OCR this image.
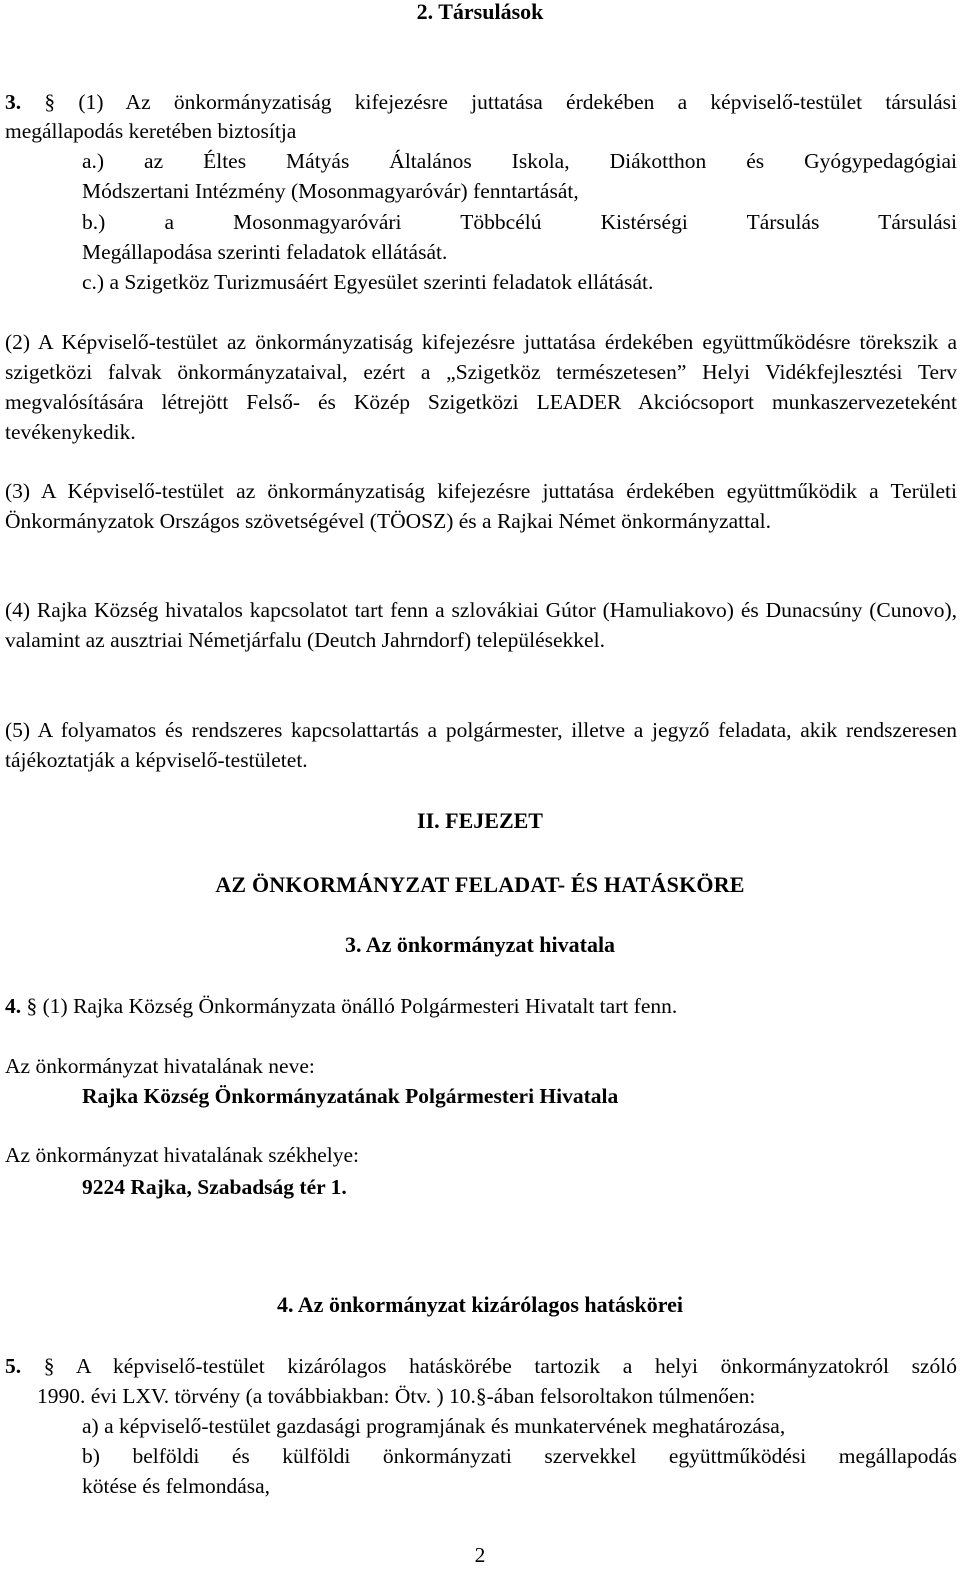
2. Társulások
3. § (1) Az önkormányzatiság kifejezésre juttatása érdekében a képviselő-testület társulási
megállapodás keretében biztosítja
a.) az Éltes Mátyás Általános Iskola, Diákotthon és Gyógypedagógiai
Módszertani Intézmény (Mosonmagyaróvár) fenntartását,
b.) a Mosonmagyaróvári Többcélú Kistérségi Társulás Társulási
Megállapodása szerinti feladatok ellátását.
c.) a Szigetköz Turizmusáért Egyesület szerinti feladatok ellátását.

(2) A Képviselő-testület az önkormányzatiság kifejezésre juttatása érdekében együttműködésre törekszik a szigetközi falvak önkormányzataival, ezért a „Szigetköz természetesen” Helyi Vidékfejlesztési Terv megvalósítására létrejött Felső- és Közép Szigetközi LEADER Akciócsoport munkaszervezeteként tevékenykedik.

(3) A Képviselő-testület az önkormányzatiság kifejezésre juttatása érdekében együttműködik a Területi Önkormányzatok Országos szövetségével (TÖOSZ) és a Rajkai Német önkormányzattal.

(4) Rajka Község hivatalos kapcsolatot tart fenn a szlovákiai Gútor (Hamuliakovo) és Dunacsúny (Cunovo), valamint az ausztriai Németjárfalu (Deutch Jahrndorf) településekkel.

(5) A folyamatos és rendszeres kapcsolattartás a polgármester, illetve a jegyző feladata, akik rendszeresen tájékoztatják a képviselő-testületet.

II. FEJEZET
AZ ÖNKORMÁNYZAT FELADAT- ÉS HATÁSKÖRE
3. Az önkormányzat hivatala
4. § (1) Rajka Község Önkormányzata önálló Polgármesteri Hivatalt tart fenn.
Az önkormányzat hivatalának neve:
Rajka Község Önkormányzatának Polgármesteri Hivatala
Az önkormányzat hivatalának székhelye:
9224 Rajka, Szabadság tér 1.
4. Az önkormányzat kizárólagos hatáskörei
5. § A képviselő-testület kizárólagos hatáskörébe tartozik a helyi önkormányzatokról szóló
1990. évi LXV. törvény (a továbbiakban: Ötv. ) 10.§-ában felsoroltakon túlmenően:
a) a képviselő-testület gazdasági programjának és munkatervének meghatározása,
b) belföldi és külföldi önkormányzati szervekkel együttműködési megállapodás
kötése és felmondása,
2
